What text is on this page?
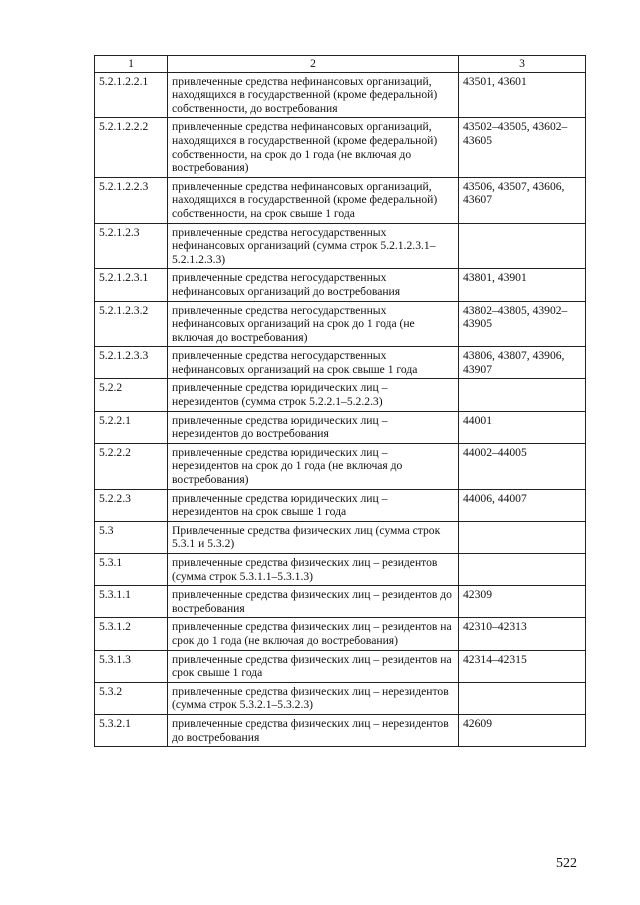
1	2	3
5.2.1.2.2.1	привлеченные средства нефинансовых организаций, находящихся в государственной (кроме федеральной) собственности, до востребования	43501, 43601
5.2.1.2.2.2	привлеченные средства нефинансовых организаций, находящихся в государственной (кроме федеральной) собственности, на срок до 1 года (не включая до востребования)	43502–43505, 43602–43605
5.2.1.2.2.3	привлеченные средства нефинансовых организаций, находящихся в государственной (кроме федеральной) собственности, на срок свыше 1 года	43506, 43507, 43606, 43607
5.2.1.2.3	привлеченные средства негосударственных нефинансовых организаций (сумма строк 5.2.1.2.3.1–5.2.1.2.3.3)	
5.2.1.2.3.1	привлеченные средства негосударственных нефинансовых организаций до востребования	43801, 43901
5.2.1.2.3.2	привлеченные средства негосударственных нефинансовых организаций на срок до 1 года (не включая до востребования)	43802–43805, 43902–43905
5.2.1.2.3.3	привлеченные средства негосударственных нефинансовых организаций на срок свыше 1 года	43806, 43807, 43906, 43907
5.2.2	привлеченные средства юридических лиц – нерезидентов (сумма строк 5.2.2.1–5.2.2.3)	
5.2.2.1	привлеченные средства юридических лиц – нерезидентов до востребования	44001
5.2.2.2	привлеченные средства юридических лиц – нерезидентов на срок до 1 года (не включая до востребования)	44002–44005
5.2.2.3	привлеченные средства юридических лиц – нерезидентов на срок свыше 1 года	44006, 44007
5.3	Привлеченные средства физических лиц (сумма строк 5.3.1 и 5.3.2)	
5.3.1	привлеченные средства физических лиц – резидентов (сумма строк 5.3.1.1–5.3.1.3)	
5.3.1.1	привлеченные средства физических лиц – резидентов до востребования	42309
5.3.1.2	привлеченные средства физических лиц – резидентов на срок до 1 года (не включая до востребования)	42310–42313
5.3.1.3	привлеченные средства физических лиц – резидентов на срок свыше 1 года	42314–42315
5.3.2	привлеченные средства физических лиц – нерезидентов (сумма строк 5.3.2.1–5.3.2.3)	
5.3.2.1	привлеченные средства физических лиц – нерезидентов до востребования	42609
522
